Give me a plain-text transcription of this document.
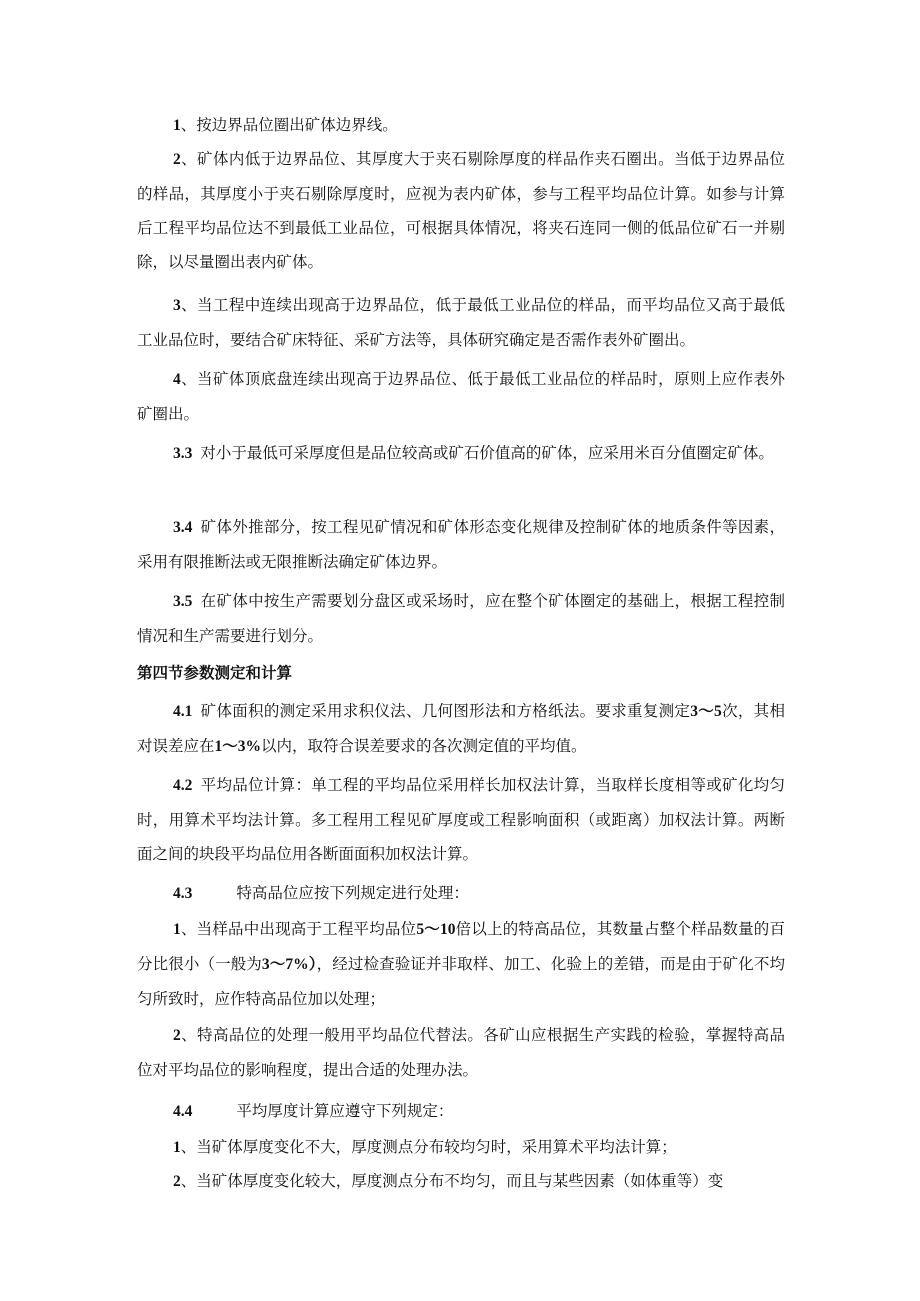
1、按边界品位圈出矿体边界线。

2、矿体内低于边界品位、其厚度大于夹石剔除厚度的样品作夹石圈出。当低于边界品位的样品，其厚度小于夹石剔除厚度时，应视为表内矿体，参与工程平均品位计算。如参与计算后工程平均品位达不到最低工业品位，可根据具体情况，将夹石连同一侧的低品位矿石一并剔除，以尽量圈出表内矿体。

3、当工程中连续出现高于边界品位，低于最低工业品位的样品，而平均品位又高于最低工业品位时，要结合矿床特征、采矿方法等，具体研究确定是否需作表外矿圈出。

4、当矿体顶底盘连续出现高于边界品位、低于最低工业品位的样品时，原则上应作表外矿圈出。

3.3 对小于最低可采厚度但是品位较高或矿石价值高的矿体，应采用米百分值圈定矿体。

3.4 矿体外推部分，按工程见矿情况和矿体形态变化规律及控制矿体的地质条件等因素，采用有限推断法或无限推断法确定矿体边界。

3.5 在矿体中按生产需要划分盘区或采场时，应在整个矿体圈定的基础上，根据工程控制情况和生产需要进行划分。

第四节参数测定和计算

4.1 矿体面积的测定采用求积仪法、几何图形法和方格纸法。要求重复测定3～5次，其相对误差应在1～3%以内，取符合误差要求的各次测定值的平均值。

4.2 平均品位计算：单工程的平均品位采用样长加权法计算，当取样长度相等或矿化均匀时，用算术平均法计算。多工程用工程见矿厚度或工程影响面积（或距离）加权法计算。两断面之间的块段平均品位用各断面面积加权法计算。

4.3	特高品位应按下列规定进行处理：

1、当样品中出现高于工程平均品位5～10倍以上的特高品位，其数量占整个样品数量的百分比很小（一般为3～7%），经过检查验证并非取样、加工、化验上的差错，而是由于矿化不均匀所致时，应作特高品位加以处理；

2、特高品位的处理一般用平均品位代替法。各矿山应根据生产实践的检验，掌握特高品位对平均品位的影响程度，提出合适的处理办法。

4.4	平均厚度计算应遵守下列规定：

1、当矿体厚度变化不大，厚度测点分布较均匀时，采用算术平均法计算；

2、当矿体厚度变化较大，厚度测点分布不均匀，而且与某些因素（如体重等）变
